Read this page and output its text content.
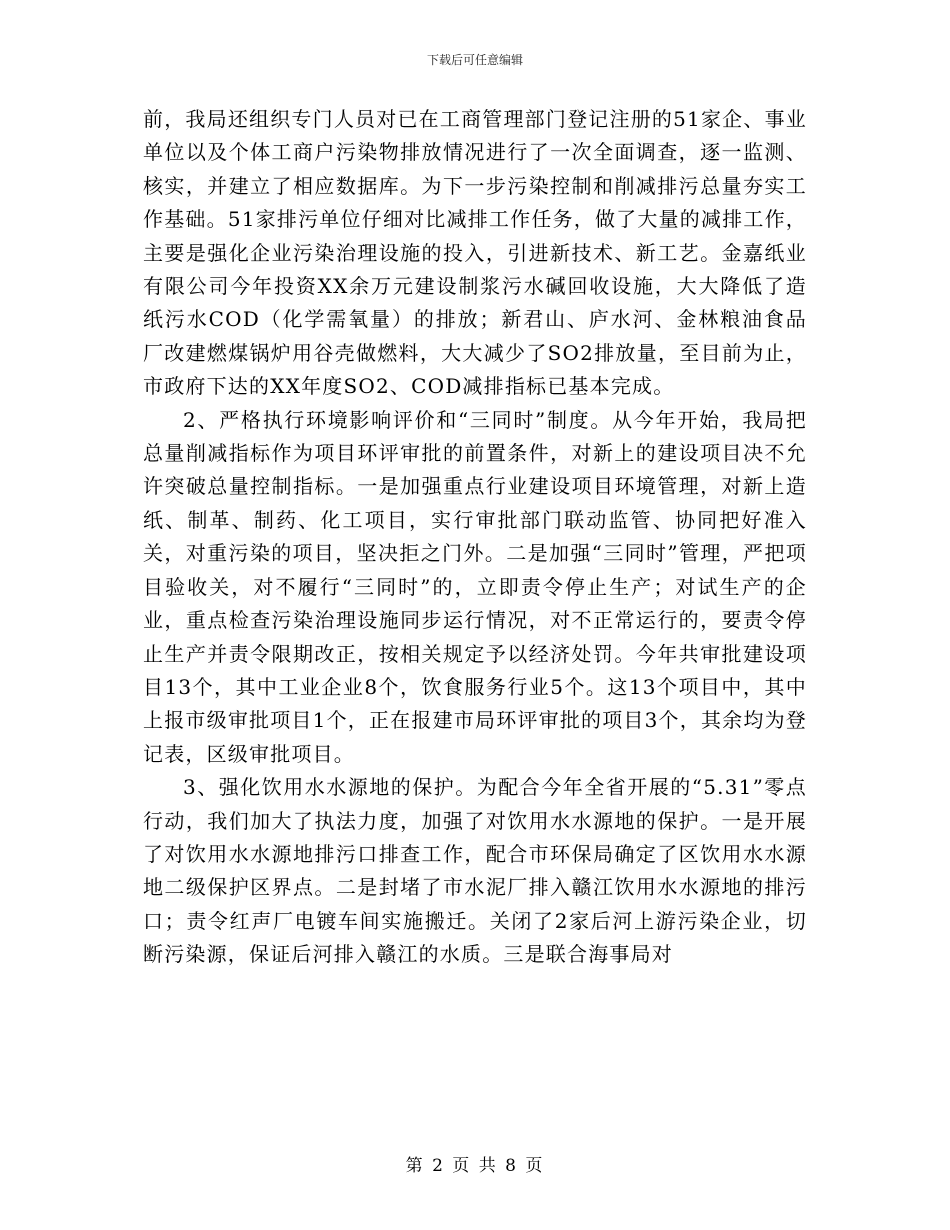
下载后可任意编辑

前，我局还组织专门人员对已在工商管理部门登记注册的51家企、事业单位以及个体工商户污染物排放情况进行了一次全面调查，逐一监测、核实，并建立了相应数据库。为下一步污染控制和削减排污总量夯实工作基础。51家排污单位仔细对比减排工作任务，做了大量的减排工作，主要是强化企业污染治理设施的投入，引进新技术、新工艺。金嘉纸业有限公司今年投资XX余万元建设制浆污水碱回收设施，大大降低了造纸污水COD（化学需氧量）的排放；新君山、庐水河、金林粮油食品厂改建燃煤锅炉用谷壳做燃料，大大减少了SO2排放量，至目前为止，市政府下达的XX年度SO2、COD减排指标已基本完成。

2、严格执行环境影响评价和“三同时”制度。从今年开始，我局把总量削减指标作为项目环评审批的前置条件，对新上的建设项目决不允许突破总量控制指标。一是加强重点行业建设项目环境管理，对新上造纸、制革、制药、化工项目，实行审批部门联动监管、协同把好准入关，对重污染的项目，坚决拒之门外。二是加强“三同时”管理，严把项目验收关，对不履行“三同时”的，立即责令停止生产；对试生产的企业，重点检查污染治理设施同步运行情况，对不正常运行的，要责令停止生产并责令限期改正，按相关规定予以经济处罚。今年共审批建设项目13个，其中工业企业8个，饮食服务行业5个。这13个项目中，其中上报市级审批项目1个，正在报建市局环评审批的项目3个，其余均为登记表，区级审批项目。

3、强化饮用水水源地的保护。为配合今年全省开展的“5.31”零点行动，我们加大了执法力度，加强了对饮用水水源地的保护。一是开展了对饮用水水源地排污口排查工作，配合市环保局确定了区饮用水水源地二级保护区界点。二是封堵了市水泥厂排入赣江饮用水水源地的排污口；责令红声厂电镀车间实施搬迁。关闭了2家后河上游污染企业，切断污染源，保证后河排入赣江的水质。三是联合海事局对

第 2 页 共 8 页
